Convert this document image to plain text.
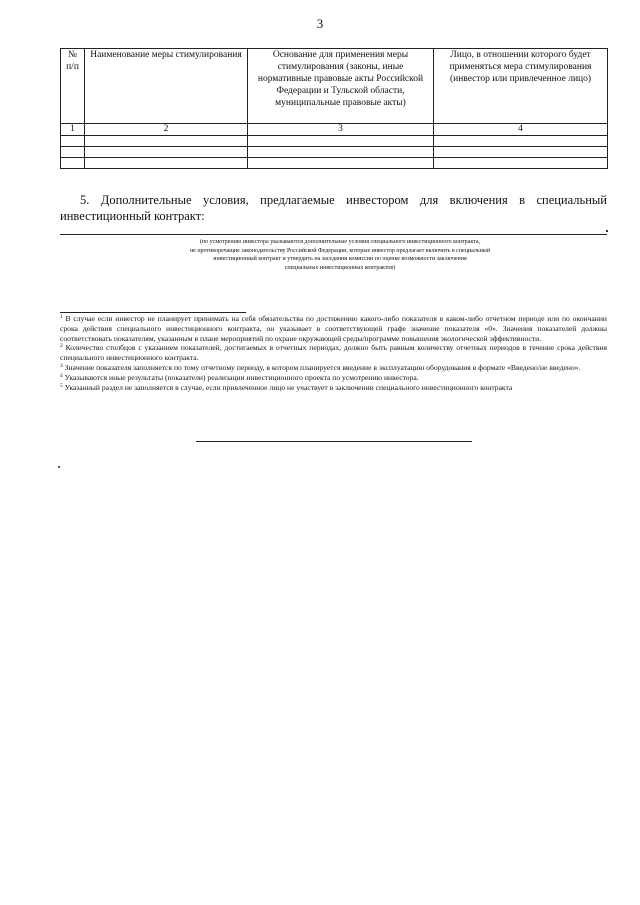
3
№ п/п	Наименование меры стимулирования	Основание для применения меры стимулирования (законы, иные нормативные правовые акты Российской Федерации и Тульской области, муниципальные правовые акты)	Лицо, в отношении которого будет применяться мера стимулирования (инвестор или привлеченное лицо)
1	2	3	4

5. Дополнительные условия, предлагаемые инвестором для включения в специальный
инвестиционный контракт:
(по усмотрению инвестора указываются дополнительные условия специального инвестиционного контракта,
не противоречащие законодательству Российской Федерации, которые инвестор предлагает включить в специальный
инвестиционный контракт и утвердить на заседании комиссии по оценке возможности заключения
специальных инвестиционных контрактов)

$^1$ В случае если инвестор не планирует принимать на себя обязательства по достижению какого-либо показателя в каком-либо отчетном периоде или по окончании срока действия специального инвестиционного контракта, он указывает в соответствующей графе значение показателя «0». Значения показателей должны соответствовать показателям, указанным в плане мероприятий по охране окружающей среды/программе повышения экологической эффективности.

$^2$ Количество столбцов с указанием показателей, достигаемых в отчетных периодах, должно быть равным количеству отчетных периодов в течение срока действия специального инвестиционного контракта.

$^3$ Значение показателя заполняется по тому отчетному периоду, в котором планируется введение в эксплуатацию оборудования в формате «Введено/не введено».

$^4$ Указываются иные результаты (показатели) реализации инвестиционного проекта по усмотрению инвестора.

$^5$ Указанный раздел не заполняется в случае, если привлеченное лицо не участвует в заключении специального инвестиционного контракта
